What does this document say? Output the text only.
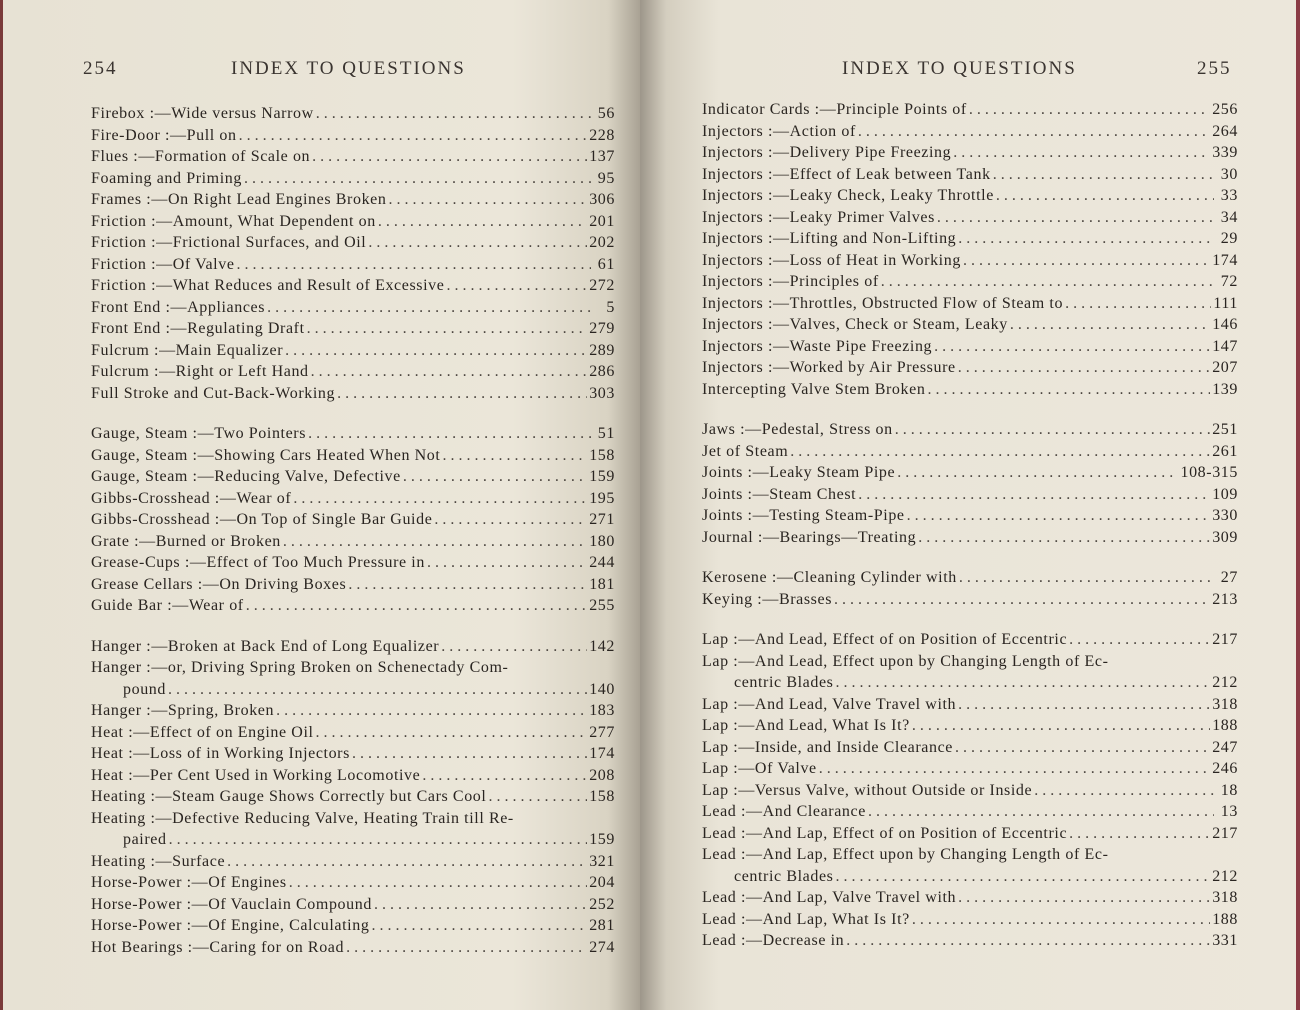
254	INDEX TO QUESTIONS
Firebox :—Wide versus Narrow . . .	56
Fire-Door :—Pull on . . .	228
Flues :—Formation of Scale on . . .	137
Foaming and Priming . . .	95
Frames :—On Right Lead Engines Broken . . .	306
Friction :—Amount, What Dependent on . . .	201
Friction :—Frictional Surfaces, and Oil . . .	202
Friction :—Of Valve . . .	61
Friction :—What Reduces and Result of Excessive . . .	272
Front End :—Appliances . . .	5
Front End :—Regulating Draft . . .	279
Fulcrum :—Main Equalizer . . .	289
Fulcrum :—Right or Left Hand . . .	286
Full Stroke and Cut-Back-Working . . .	303
Gauge, Steam :—Two Pointers . . .	51
Gauge, Steam :—Showing Cars Heated When Not . . .	158
Gauge, Steam :—Reducing Valve, Defective . . .	159
Gibbs-Crosshead :—Wear of . . .	195
Gibbs-Crosshead :—On Top of Single Bar Guide . . .	271
Grate :—Burned or Broken . . .	180
Grease-Cups :—Effect of Too Much Pressure in . . .	244
Grease Cellars :—On Driving Boxes . . .	181
Guide Bar :—Wear of . . .	255
Hanger :—Broken at Back End of Long Equalizer . . .	142
Hanger :—or, Driving Spring Broken on Schenectady Com-
pound . . .	140
Hanger :—Spring, Broken . . .	183
Heat :—Effect of on Engine Oil . . .	277
Heat :—Loss of in Working Injectors . . .	174
Heat :—Per Cent Used in Working Locomotive . . .	208
Heating :—Steam Gauge Shows Correctly but Cars Cool . . .	158
Heating :—Defective Reducing Valve, Heating Train till Re-
paired . . .	159
Heating :—Surface . . .	321
Horse-Power :—Of Engines . . .	204
Horse-Power :—Of Vauclain Compound . . .	252
Horse-Power :—Of Engine, Calculating . . .	281
Hot Bearings :—Caring for on Road . . .	274
INDEX TO QUESTIONS	255
Indicator Cards :—Principle Points of . . .	256
Injectors :—Action of . . .	264
Injectors :—Delivery Pipe Freezing . . .	339
Injectors :—Effect of Leak between Tank . . .	30
Injectors :—Leaky Check, Leaky Throttle . . .	33
Injectors :—Leaky Primer Valves . . .	34
Injectors :—Lifting and Non-Lifting . . .	29
Injectors :—Loss of Heat in Working . . .	174
Injectors :—Principles of . . .	72
Injectors :—Throttles, Obstructed Flow of Steam to . . .	111
Injectors :—Valves, Check or Steam, Leaky . . .	146
Injectors :—Waste Pipe Freezing . . .	147
Injectors :—Worked by Air Pressure . . .	207
Intercepting Valve Stem Broken . . .	139
Jaws :—Pedestal, Stress on . . .	251
Jet of Steam . . .	261
Joints :—Leaky Steam Pipe . . .	108-315
Joints :—Steam Chest . . .	109
Joints :—Testing Steam-Pipe . . .	330
Journal :—Bearings—Treating . . .	309
Kerosene :—Cleaning Cylinder with . . .	27
Keying :—Brasses . . .	213
Lap :—And Lead, Effect of on Position of Eccentric . . .	217
Lap :—And Lead, Effect upon by Changing Length of Ec-
centric Blades . . .	212
Lap :—And Lead, Valve Travel with . . .	318
Lap :—And Lead, What Is It? . . .	188
Lap :—Inside, and Inside Clearance . . .	247
Lap :—Of Valve . . .	246
Lap :—Versus Valve, without Outside or Inside . . .	18
Lead :—And Clearance . . .	13
Lead :—And Lap, Effect of on Position of Eccentric . . .	217
Lead :—And Lap, Effect upon by Changing Length of Ec-
centric Blades . . .	212
Lead :—And Lap, Valve Travel with . . .	318
Lead :—And Lap, What Is It? . . .	188
Lead :—Decrease in . . .	331
